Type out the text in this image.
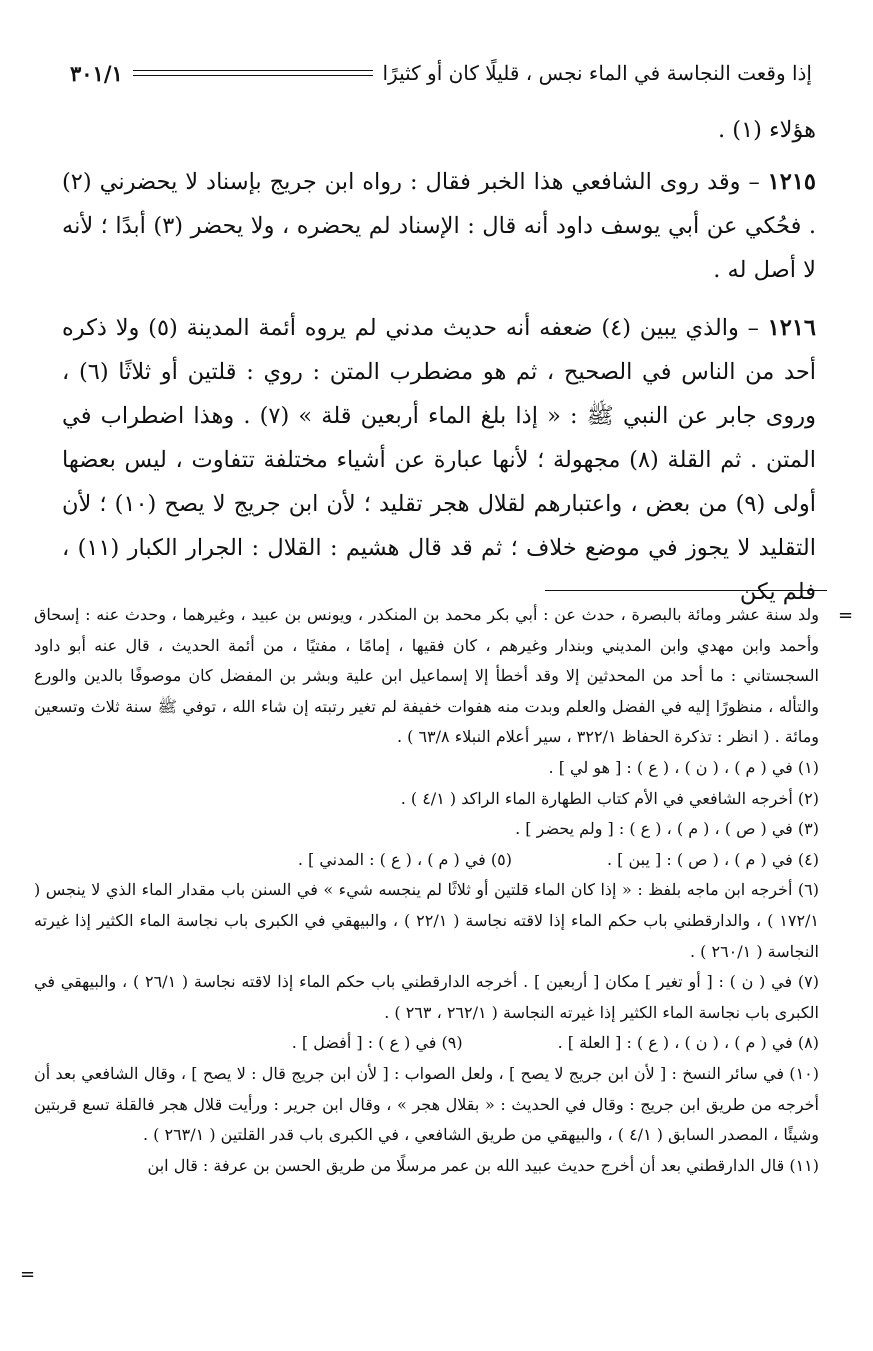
إذا وقعت النجاسة في الماء نجس ، قليلًا كان أو كثيرًا
٣٠١/١

هؤلاء (١) .

١٢١٥ – وقد روى الشافعي هذا الخبر فقال : رواه ابن جريج بإسناد لا يحضرني (٢) . فحُكي عن أبي يوسف داود أنه قال : الإسناد لم يحضره ، ولا يحضر (٣) أبدًا ؛ لأنه لا أصل له .

١٢١٦ – والذي يبين (٤) ضعفه أنه حديث مدني لم يروه أئمة المدينة (٥) ولا ذكره أحد من الناس في الصحيح ، ثم هو مضطرب المتن : روي : قلتين أو ثلاثًا (٦) ، وروى جابر عن النبي ﷺ : « إذا بلغ الماء أربعين قلة » (٧) . وهذا اضطراب في المتن . ثم القلة (٨) مجهولة ؛ لأنها عبارة عن أشياء مختلفة تتفاوت ، ليس بعضها أولى (٩) من بعض ، واعتبارهم لقلال هجر تقليد ؛ لأن ابن جريج لا يصح (١٠) ؛ لأن التقليد لا يجوز في موضع خلاف ؛ ثم قد قال هشيم : القلال : الجرار الكبار (١١) ، فلم يكن

=
=

ولد سنة عشر ومائة بالبصرة ، حدث عن : أبي بكر محمد بن المنكدر ، ويونس بن عبيد ، وغيرهما ، وحدث عنه : إسحاق وأحمد وابن مهدي وابن المديني وبندار وغيرهم ، كان فقيها ، إمامًا ، مفتيًا ، من أئمة الحديث ، قال عنه أبو داود السجستاني : ما أحد من المحدثين إلا وقد أخطأ إلا إسماعيل ابن علية وبشر بن المفضل كان موصوفًا بالدين والورع والتأله ، منظورًا إليه في الفضل والعلم وبدت منه هفوات خفيفة لم تغير رتبته إن شاء الله ، توفي ﷺ سنة ثلاث وتسعين ومائة . ( انظر : تذكرة الحفاظ ٣٢٢/١ ، سير أعلام النبلاء ٦٣/٨ ) .

(١) في ( م ) ، ( ن ) ، ( ع ) : [ هو لي ] .

(٢) أخرجه الشافعي في الأم كتاب الطهارة الماء الراكد ( ٤/١ ) .

(٣) في ( ص ) ، ( م ) ، ( ع ) : [ ولم يحضر ] .

(٤) في ( م ) ، ( ص ) : [ يبن ] .
(٥) في ( م ) ، ( ع ) : المدني ] .

(٦) أخرجه ابن ماجه بلفظ : « إذا كان الماء قلتين أو ثلاثًا لم ينجسه شيء » في السنن باب مقدار الماء الذي لا ينجس ( ١٧٢/١ ) ، والدارقطني باب حكم الماء إذا لاقته نجاسة ( ٢٢/١ ) ، والبيهقي في الكبرى باب نجاسة الماء الكثير إذا غيرته النجاسة ( ٢٦٠/١ ) .

(٧) في ( ن ) : [ أو تغير ] مكان [ أربعين ] . أخرجه الدارقطني باب حكم الماء إذا لاقته نجاسة ( ٢٦/١ ) ، والبيهقي في الكبرى باب نجاسة الماء الكثير إذا غيرته النجاسة ( ٢٦٢/١ ، ٢٦٣ ) .

(٨) في ( م ) ، ( ن ) ، ( ع ) : [ العلة ] .
(٩) في ( ع ) : [ أفضل ] .

(١٠) في سائر النسخ : [ لأن ابن جريج لا يصح ] ، ولعل الصواب : [ لأن ابن جريج قال : لا يصح ] ، وقال الشافعي بعد أن أخرجه من طريق ابن جريج : وقال في الحديث : « بقلال هجر » ، وقال ابن جرير : ورأيت قلال هجر فالقلة تسع قربتين وشيئًا ، المصدر السابق ( ٤/١ ) ، والبيهقي من طريق الشافعي ، في الكبرى باب قدر القلتين ( ٢٦٣/١ ) .

(١١) قال الدارقطني بعد أن أخرج حديث عبيد الله بن عمر مرسلًا من طريق الحسن بن عرفة : قال ابن
